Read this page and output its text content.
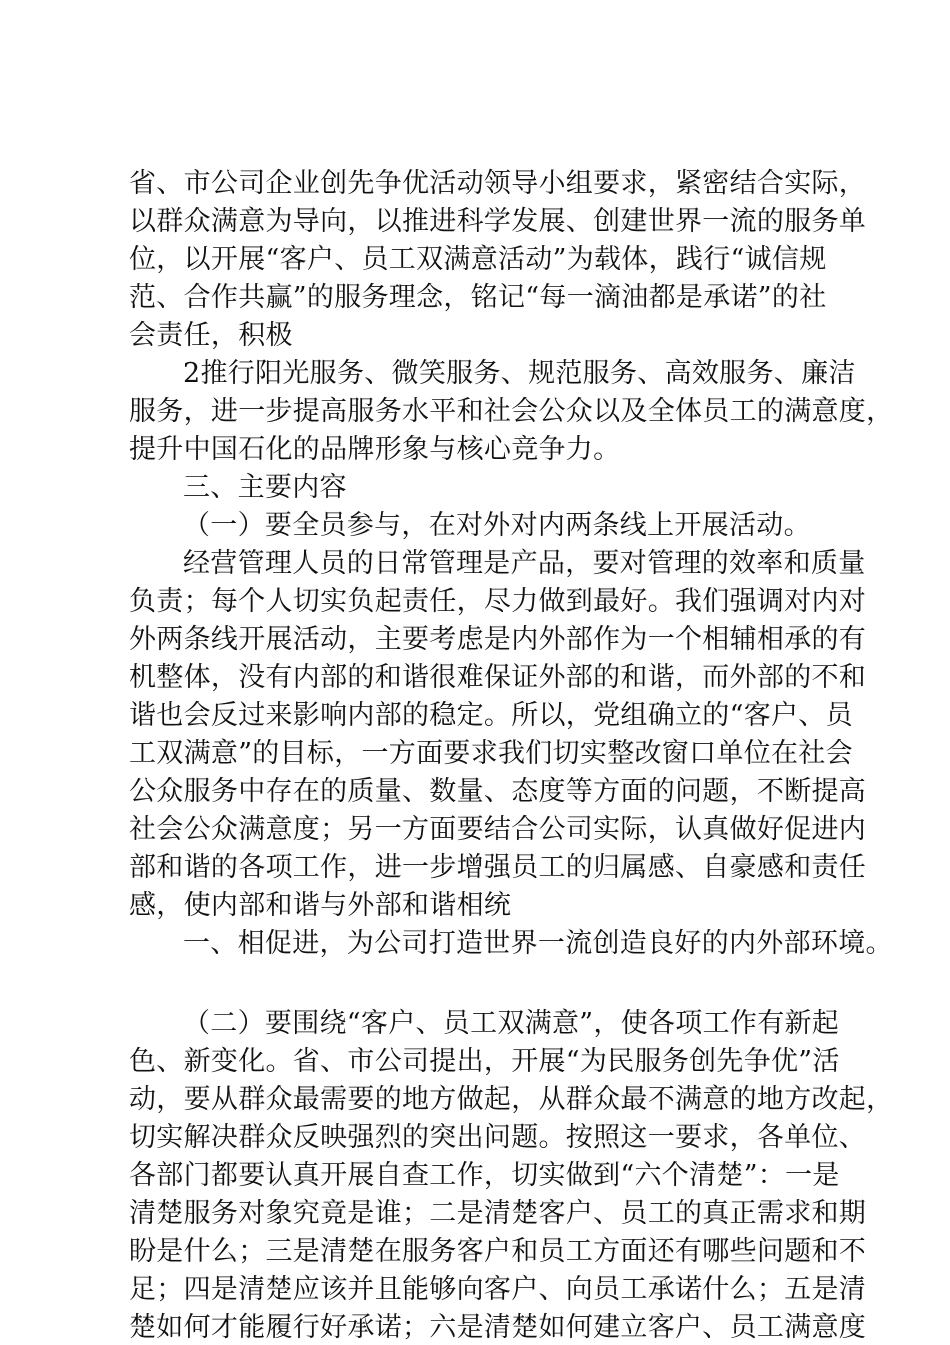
省、市公司企业创先争优活动领导小组要求，紧密结合实际，
以群众满意为导向，以推进科学发展、创建世界一流的服务单
位，以开展“客户、员工双满意活动”为载体，践行“诚信规
范、合作共赢”的服务理念，铭记“每一滴油都是承诺”的社
会责任，积极
2推行阳光服务、微笑服务、规范服务、高效服务、廉洁
服务，进一步提高服务水平和社会公众以及全体员工的满意度，
提升中国石化的品牌形象与核心竞争力。
三、主要内容
（一）要全员参与，在对外对内两条线上开展活动。
经营管理人员的日常管理是产品，要对管理的效率和质量
负责；每个人切实负起责任，尽力做到最好。我们强调对内对
外两条线开展活动，主要考虑是内外部作为一个相辅相承的有
机整体，没有内部的和谐很难保证外部的和谐，而外部的不和
谐也会反过来影响内部的稳定。所以，党组确立的“客户、员
工双满意”的目标，一方面要求我们切实整改窗口单位在社会
公众服务中存在的质量、数量、态度等方面的问题，不断提高
社会公众满意度；另一方面要结合公司实际，认真做好促进内
部和谐的各项工作，进一步增强员工的归属感、自豪感和责任
感，使内部和谐与外部和谐相统
一、相促进，为公司打造世界一流创造良好的内外部环境。
（二）要围绕“客户、员工双满意”，使各项工作有新起
色、新变化。省、市公司提出，开展“为民服务创先争优”活
动，要从群众最需要的地方做起，从群众最不满意的地方改起，
切实解决群众反映强烈的突出问题。按照这一要求，各单位、
各部门都要认真开展自查工作，切实做到“六个清楚”：一是
清楚服务对象究竟是谁；二是清楚客户、员工的真正需求和期
盼是什么；三是清楚在服务客户和员工方面还有哪些问题和不
足；四是清楚应该并且能够向客户、向员工承诺什么；五是清
楚如何才能履行好承诺；六是清楚如何建立客户、员工满意度
